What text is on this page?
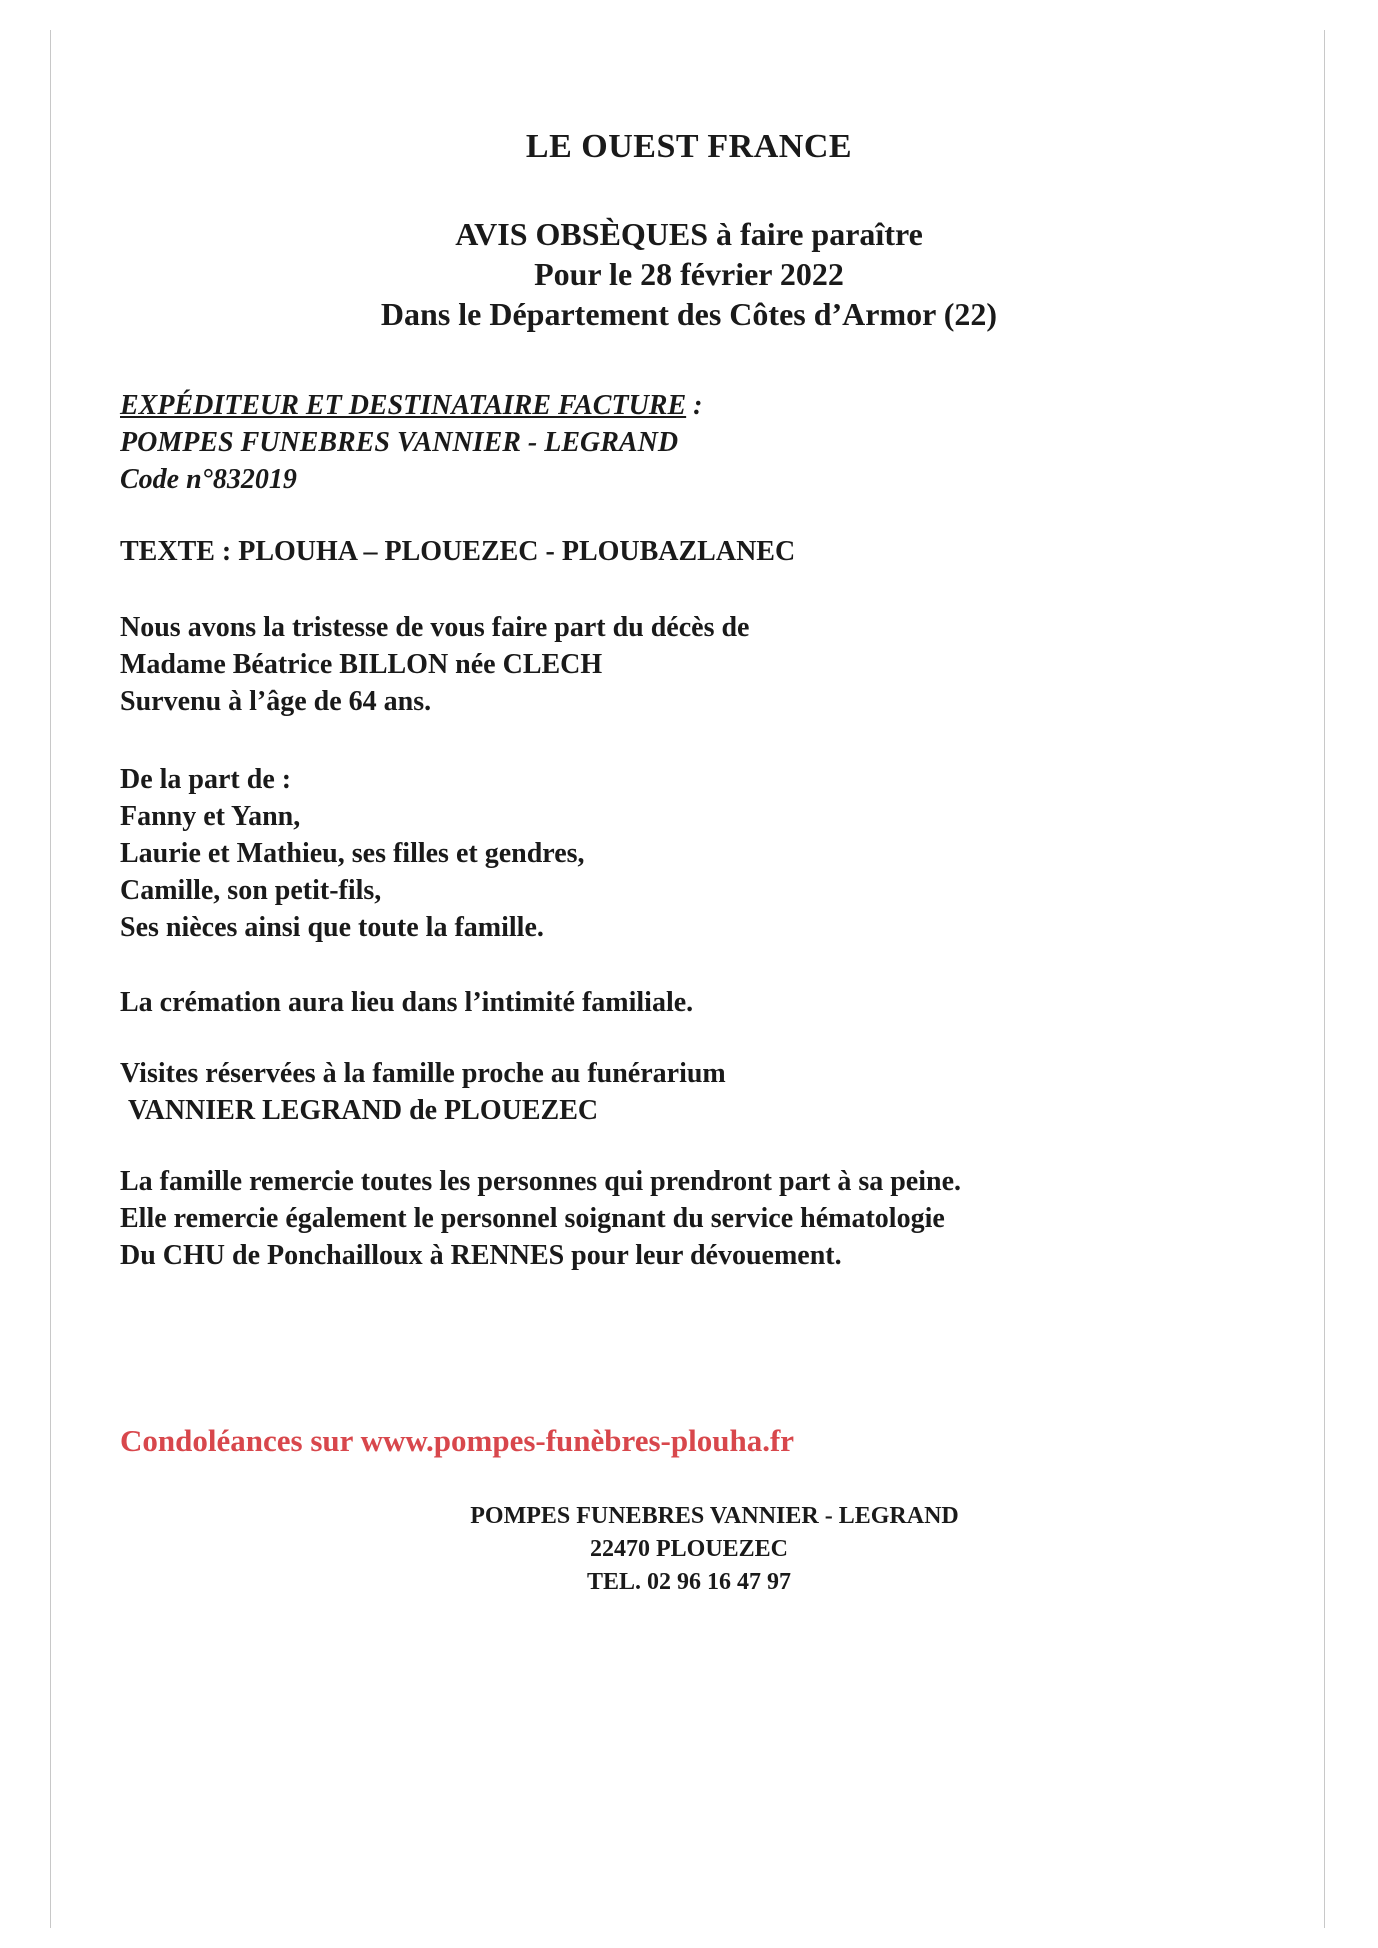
LE OUEST FRANCE
AVIS OBSÈQUES à faire paraître
Pour le 28 février 2022
Dans le Département des Côtes d’Armor (22)
EXPÉDITEUR ET DESTINATAIRE FACTURE :
POMPES FUNEBRES VANNIER - LEGRAND
Code n°832019
TEXTE : PLOUHA – PLOUEZEC - PLOUBAZLANEC
Nous avons la tristesse de vous faire part du décès de
Madame Béatrice BILLON née CLECH
Survenu à l’âge de 64 ans.
De la part de :
Fanny et Yann,
Laurie et Mathieu, ses filles et gendres,
Camille, son petit-fils,
Ses nièces ainsi que toute la famille.
La crémation aura lieu dans l’intimité familiale.
Visites réservées à la famille proche au funérarium
VANNIER LEGRAND de PLOUEZEC
La famille remercie toutes les personnes qui prendront part à sa peine.
Elle remercie également le personnel soignant du service hématologie
Du CHU de Ponchailloux à RENNES pour leur dévouement.
Condoléances sur www.pompes-funèbres-plouha.fr
POMPES FUNEBRES VANNIER - LEGRAND
22470 PLOUEZEC
TEL. 02 96 16 47 97
